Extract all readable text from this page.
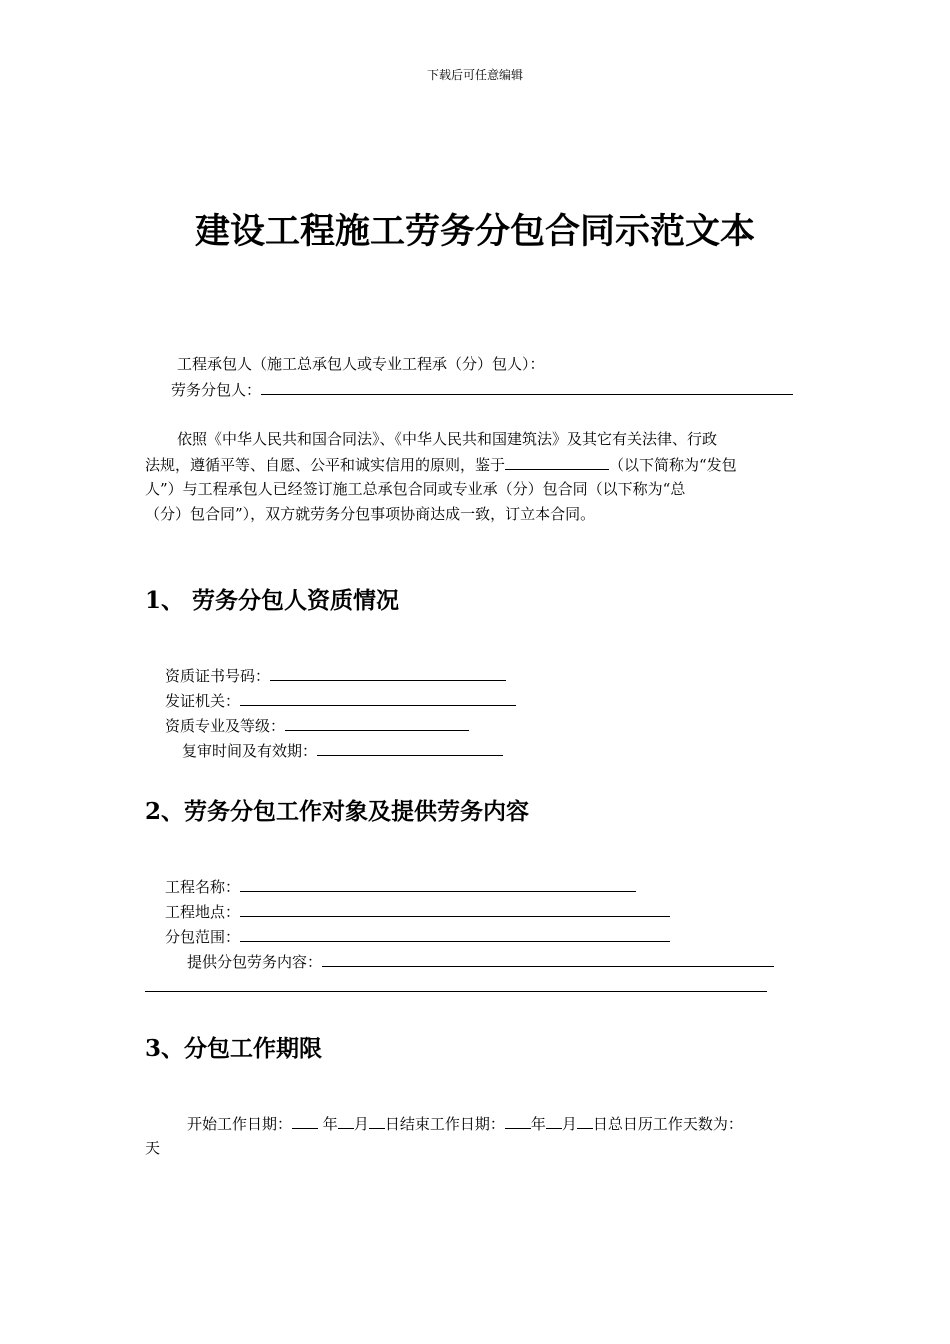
下载后可任意编辑
建设工程施工劳务分包合同示范文本
工程承包人（施工总承包人或专业工程承（分）包人）：
劳务分包人：
依照《中华人民共和国合同法》、《中华人民共和国建筑法》及其它有关法律、行政
法规，遵循平等、自愿、公平和诚实信用的原则，鉴于	（以下简称为“发包
人”）与工程承包人已经签订施工总承包合同或专业承（分）包合同（以下称为“总
（分）包合同”），双方就劳务分包事项协商达成一致，订立本合同。
1、 劳务分包人资质情况
资质证书号码：
发证机关：
资质专业及等级：
复审时间及有效期：
2、劳务分包工作对象及提供劳务内容
工程名称：
工程地点：
分包范围：
提供分包劳务内容：
3、分包工作期限
开始工作日期： 年 月 日结束工作日期： 年 月 日总日历工作天数为：
天
